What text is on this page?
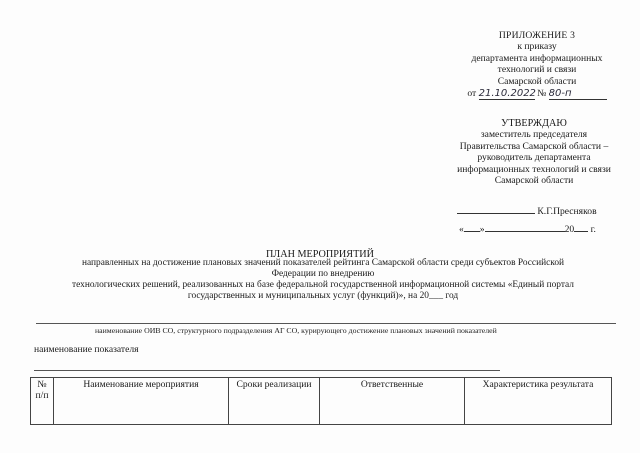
ПРИЛОЖЕНИЕ 3
к приказу
департамента информационных
технологий и связи
Самарской области
от 21.10.2022 № 80-п
УТВЕРЖДАЮ
заместитель председателя
Правительства Самарской области –
руководитель департамента
информационных технологий и связи
Самарской области
К.Г.Пресняков
« »	20 г.
ПЛАН МЕРОПРИЯТИЙ
направленных на достижение плановых значений показателей рейтинга Самарской области среди субъектов Российской
Федерации по внедрению
технологических решений, реализованных на базе федеральной государственной информационной системы «Единый портал
государственных и муниципальных услуг (функций)», на 20___ год
наименование ОИВ СО, структурного подразделения АГ СО, курирующего достижение плановых значений показателей
наименование показателя
№ п/п	Наименование мероприятия	Сроки реализации	Ответственные	Характеристика результата
